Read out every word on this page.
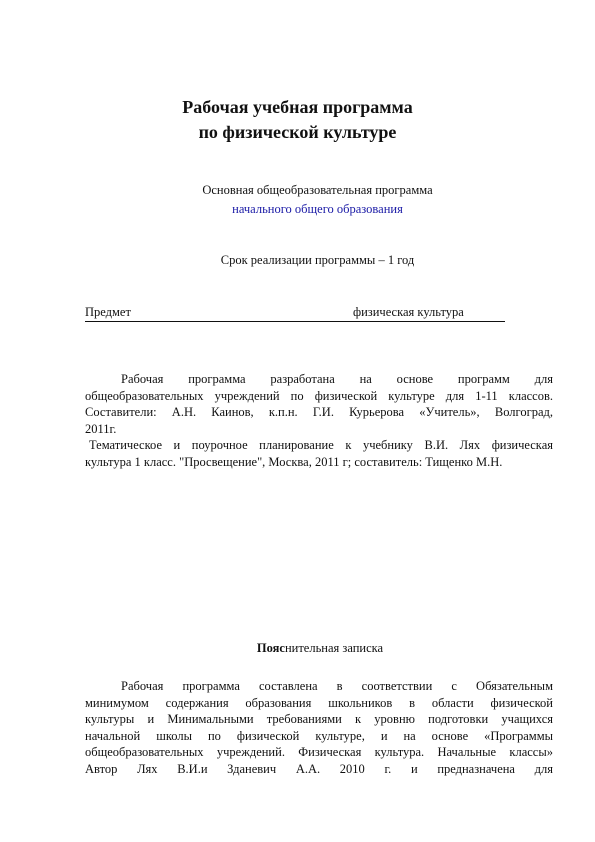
Рабочая учебная программа
по физической культуре
Основная общеобразовательная программа
начального общего образования
Срок реализации программы – 1 год
Предмет	физическая культура
Рабочая программа разработана на основе программ для
общеобразовательных учреждений по физической культуре для 1-11 классов.
Составители: А.Н. Каинов, к.п.н. Г.И. Курьерова «Учитель», Волгоград,
2011г.
Тематическое и поурочное планирование к учебнику В.И. Лях физическая
культура 1 класс. "Просвещение", Москва, 2011 г; составитель: Тищенко М.Н.
Пояснительная записка
Рабочая программа составлена в соответствии с Обязательным
минимумом содержания образования школьников в области физической
культуры и Минимальными требованиями к уровню подготовки учащихся
начальной школы по физической культуре, и на основе «Программы
общеобразовательных учреждений. Физическая культура. Начальные классы»
Автор Лях В.И.и Зданевич А.А. 2010 г. и предназначена для
